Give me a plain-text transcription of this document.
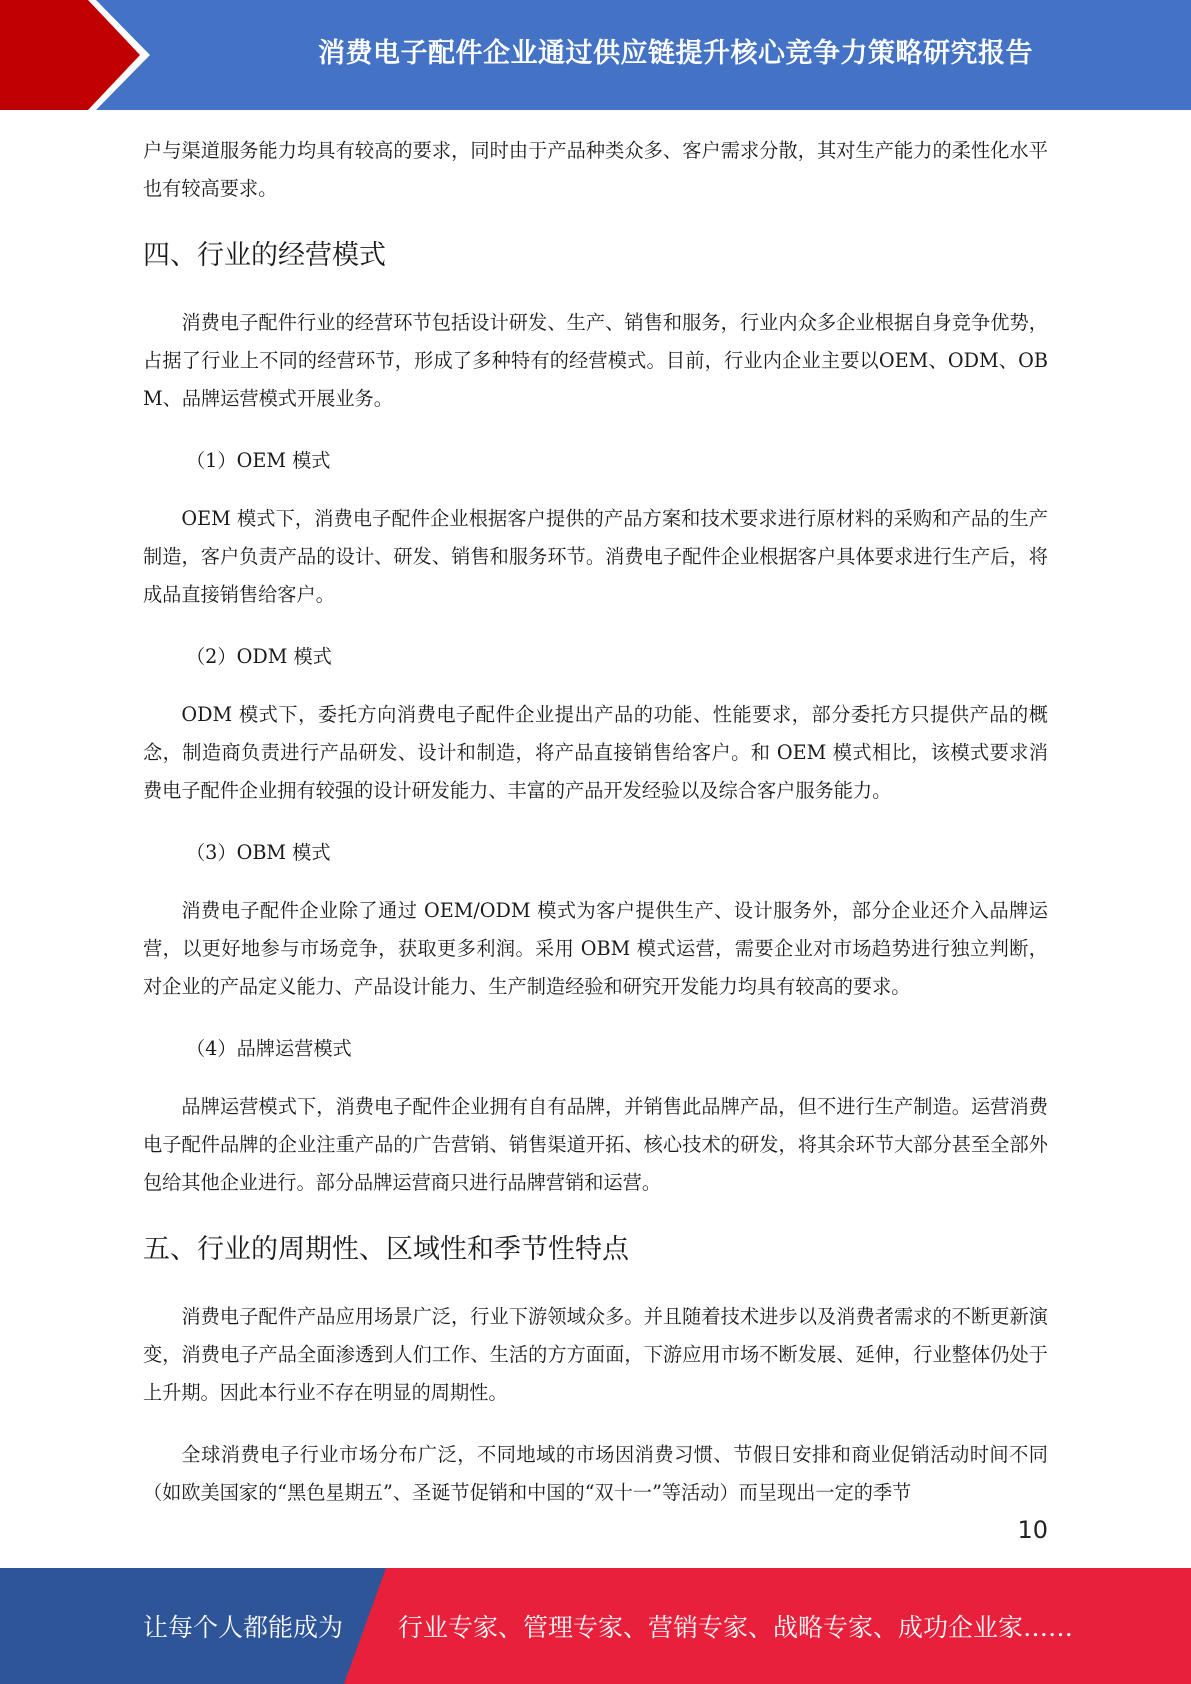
消费电子配件企业通过供应链提升核心竞争力策略研究报告

户与渠道服务能力均具有较高的要求，同时由于产品种类众多、客户需求分散，其对生产能力的柔性化水平也有较高要求。

四、行业的经营模式

消费电子配件行业的经营环节包括设计研发、生产、销售和服务，行业内众多企业根据自身竞争优势，占据了行业上不同的经营环节，形成了多种特有的经营模式。目前，行业内企业主要以OEM、ODM、OBM、品牌运营模式开展业务。

（1）OEM 模式

OEM 模式下，消费电子配件企业根据客户提供的产品方案和技术要求进行原材料的采购和产品的生产制造，客户负责产品的设计、研发、销售和服务环节。消费电子配件企业根据客户具体要求进行生产后，将成品直接销售给客户。

（2）ODM 模式

ODM 模式下，委托方向消费电子配件企业提出产品的功能、性能要求，部分委托方只提供产品的概念，制造商负责进行产品研发、设计和制造，将产品直接销售给客户。和 OEM 模式相比，该模式要求消费电子配件企业拥有较强的设计研发能力、丰富的产品开发经验以及综合客户服务能力。

（3）OBM 模式

消费电子配件企业除了通过 OEM/ODM 模式为客户提供生产、设计服务外，部分企业还介入品牌运营，以更好地参与市场竞争，获取更多利润。采用 OBM 模式运营，需要企业对市场趋势进行独立判断，对企业的产品定义能力、产品设计能力、生产制造经验和研究开发能力均具有较高的要求。

（4）品牌运营模式

品牌运营模式下，消费电子配件企业拥有自有品牌，并销售此品牌产品，但不进行生产制造。运营消费电子配件品牌的企业注重产品的广告营销、销售渠道开拓、核心技术的研发，将其余环节大部分甚至全部外包给其他企业进行。部分品牌运营商只进行品牌营销和运营。

五、行业的周期性、区域性和季节性特点

消费电子配件产品应用场景广泛，行业下游领域众多。并且随着技术进步以及消费者需求的不断更新演变，消费电子产品全面渗透到人们工作、生活的方方面面，下游应用市场不断发展、延伸，行业整体仍处于上升期。因此本行业不存在明显的周期性。

全球消费电子行业市场分布广泛，不同地域的市场因消费习惯、节假日安排和商业促销活动时间不同（如欧美国家的“黑色星期五”、圣诞节促销和中国的“双十一”等活动）而呈现出一定的季节

10
让每个人都能成为 行业专家、管理专家、营销专家、战略专家、成功企业家……
